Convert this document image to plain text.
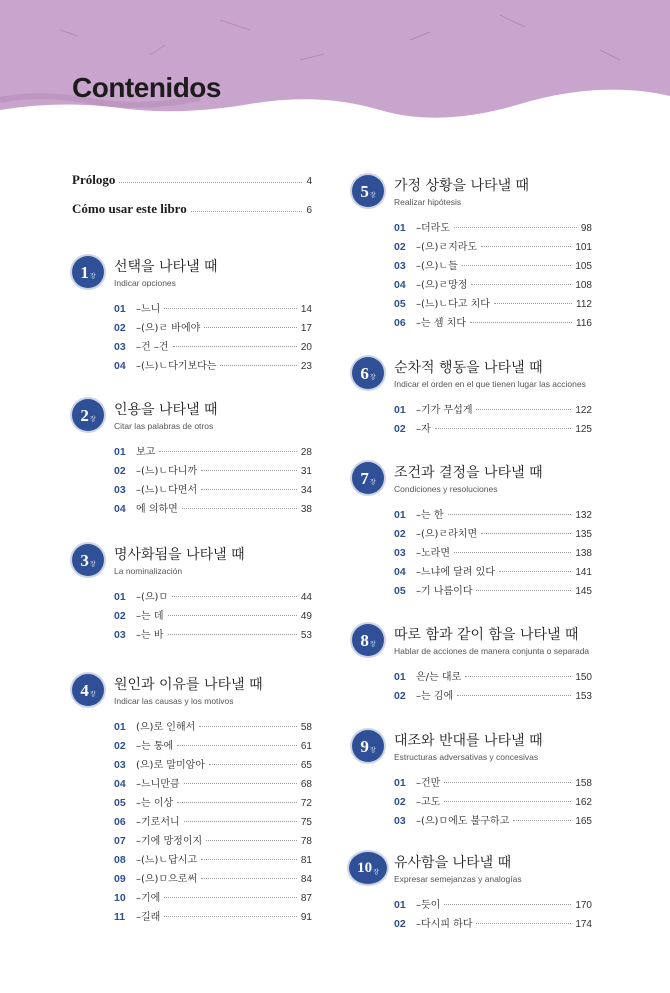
Contenidos
Prólogo	4
Cómo usar este libro	6
1 장
선택을 나타낼 때
Indicar opciones
01	–느니	14
02	–(으)ㄹ 바에야	17
03	–건 –건	20
04	–(느)ㄴ다기보다는	23
2 장
인용을 나타낼 때
Citar las palabras de otros
01	보고	28
02	–(느)ㄴ다니까	31
03	–(느)ㄴ다면서	34
04	에 의하면	38
3 장
명사화됨을 나타낼 때
La nominalización
01	–(으)ㅁ	44
02	–는 데	49
03	–는 바	53
4 장
원인과 이유를 나타낼 때
Indicar las causas y los motivos
01	(으)로 인해서	58
02	–는 통에	61
03	(으)로 말미암아	65
04	–느니만큼	68
05	–는 이상	72
06	–기로서니	75
07	–기에 망정이지	78
08	–(느)ㄴ답시고	81
09	–(으)ㅁ으로써	84
10	–기에	87
11	–길래	91
5 장
가정 상황을 나타낼 때
Realizar hipótesis
01	–더라도	98
02	–(으)ㄹ지라도	101
03	–(으)ㄴ들	105
04	–(으)ㄹ망정	108
05	–(느)ㄴ다고 치다	112
06	–는 셈 치다	116
6 장
순차적 행동을 나타낼 때
Indicar el orden en el que tienen lugar las acciones
01	–기가 무섭게	122
02	–자	125
7 장
조건과 결정을 나타낼 때
Condiciones y resoluciones
01	–는 한	132
02	–(으)ㄹ라치면	135
03	–노라면	138
04	–느냐에 달려 있다	141
05	–기 나름이다	145
8 장
따로 함과 같이 함을 나타낼 때
Hablar de acciones de manera conjunta o separada
01	은/는 대로	150
02	–는 김에	153
9 장
대조와 반대를 나타낼 때
Estructuras adversativas y concesivas
01	–건만	158
02	–고도	162
03	–(으)ㅁ에도 불구하고	165
10 장
유사함을 나타낼 때
Expresar semejanzas y analogías
01	–듯이	170
02	–다시피 하다	174
